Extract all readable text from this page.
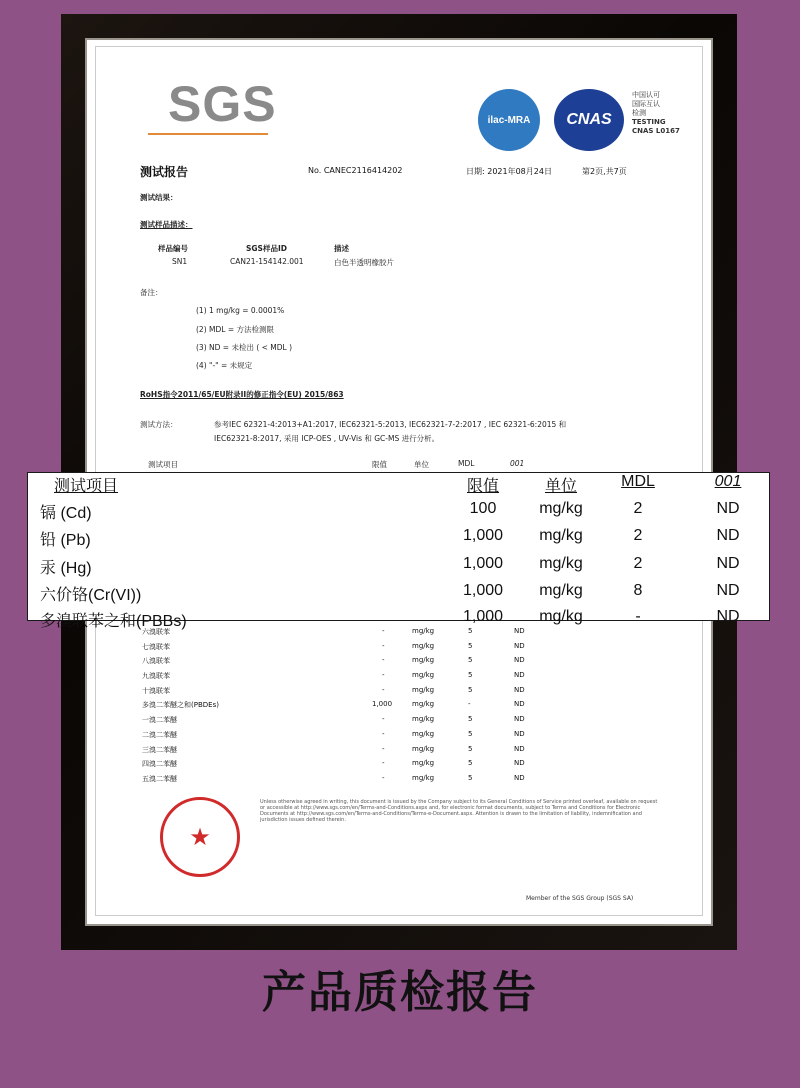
SGS	ilac-MRA	CNAS
中国认可
国际互认
检测
TESTING
CNAS L0167
测试报告	No. CANEC2116414202	日期: 2021年08月24日	第2页,共7页
测试结果：
测试样品描述：
样品编号	SGS样品ID	描述
SN1	CAN21-154142.001	白色半透明橡胶片
备注：
(1) 1 mg/kg = 0.0001%
(2) MDL = 方法检测限
(3) ND = 未检出 ( < MDL )
(4) "-" = 未规定
RoHS指令2011/65/EU附录II的修正指令(EU) 2015/863
测试方法：	参考IEC 62321-4:2013+A1:2017, IEC62321-5:2013, IEC62321-7-2:2017 , IEC 62321-6:2015 和
IEC62321-8:2017, 采用 ICP-OES , UV-Vis 和 GC-MS 进行分析。
测试项目	限值	单位	MDL	001
六溴联苯	-	mg/kg	5	ND
七溴联苯	-	mg/kg	5	ND
八溴联苯	-	mg/kg	5	ND
九溴联苯	-	mg/kg	5	ND
十溴联苯	-	mg/kg	5	ND
多溴二苯醚之和(PBDEs)	1,000	mg/kg	-	ND
一溴二苯醚	-	mg/kg	5	ND
二溴二苯醚	-	mg/kg	5	ND
三溴二苯醚	-	mg/kg	5	ND
四溴二苯醚	-	mg/kg	5	ND
五溴二苯醚	-	mg/kg	5	ND
★
Unless otherwise agreed in writing, this document is issued by the Company subject to its General Conditions of Service printed overleaf, available on request or accessible at http://www.sgs.com/en/Terms-and-Conditions.aspx and, for electronic format documents, subject to Terms and Conditions for Electronic Documents at http://www.sgs.com/en/Terms-and-Conditions/Terms-e-Document.aspx. Attention is drawn to the limitation of liability, indemnification and jurisdiction issues defined therein.
Member of the SGS Group (SGS SA)
测试项目	限值	单位	MDL	001
镉 (Cd)	100	mg/kg	2	ND
铅 (Pb)	1,000	mg/kg	2	ND
汞 (Hg)	1,000	mg/kg	2	ND
六价铬(Cr(VI))	1,000	mg/kg	8	ND
多溴联苯之和(PBBs)	1,000	mg/kg	-	ND
产品质检报告
